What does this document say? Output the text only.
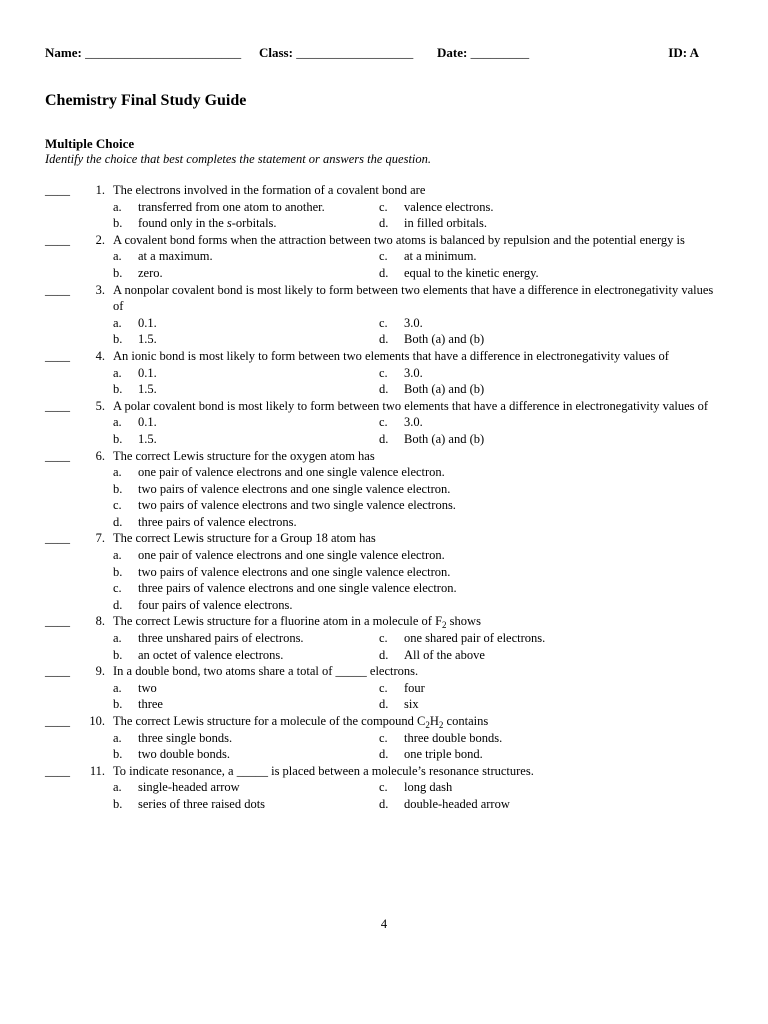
Name: ________________________ Class: __________________ Date: _________	ID: A
Chemistry Final Study Guide
Multiple Choice
Identify the choice that best completes the statement or answers the question.
____	1. The electrons involved in the formation of a covalent bond are
a.	transferred from one atom to another.	c.	valence electrons.
b.	found only in the s-orbitals.	d.	in filled orbitals.
____	2. A covalent bond forms when the attraction between two atoms is balanced by repulsion and the potential energy is
a.	at a maximum.	c.	at a minimum.
b.	zero.	d.	equal to the kinetic energy.
____	3. A nonpolar covalent bond is most likely to form between two elements that have a difference in electronegativity values of
a.	0.1.	c.	3.0.
b.	1.5.	d.	Both (a) and (b)
____	4. An ionic bond is most likely to form between two elements that have a difference in electronegativity values of
a.	0.1.	c.	3.0.
b.	1.5.	d.	Both (a) and (b)
____	5. A polar covalent bond is most likely to form between two elements that have a difference in electronegativity values of
a.	0.1.	c.	3.0.
b.	1.5.	d.	Both (a) and (b)
____	6. The correct Lewis structure for the oxygen atom has
a.	one pair of valence electrons and one single valence electron.
b.	two pairs of valence electrons and one single valence electron.
c.	two pairs of valence electrons and two single valence electrons.
d.	three pairs of valence electrons.
____	7. The correct Lewis structure for a Group 18 atom has
a.	one pair of valence electrons and one single valence electron.
b.	two pairs of valence electrons and one single valence electron.
c.	three pairs of valence electrons and one single valence electron.
d.	four pairs of valence electrons.
____	8. The correct Lewis structure for a fluorine atom in a molecule of $F_2$ shows
a.	three unshared pairs of electrons.	c.	one shared pair of electrons.
b.	an octet of valence electrons.	d.	All of the above
____	9. In a double bond, two atoms share a total of _____ electrons.
a.	two	c.	four
b.	three	d.	six
____	10. The correct Lewis structure for a molecule of the compound $C_2H_2$ contains
a.	three single bonds.	c.	three double bonds.
b.	two double bonds.	d.	one triple bond.
____	11. To indicate resonance, a _____ is placed between a molecule’s resonance structures.
a.	single-headed arrow	c.	long dash
b.	series of three raised dots	d.	double-headed arrow
4
